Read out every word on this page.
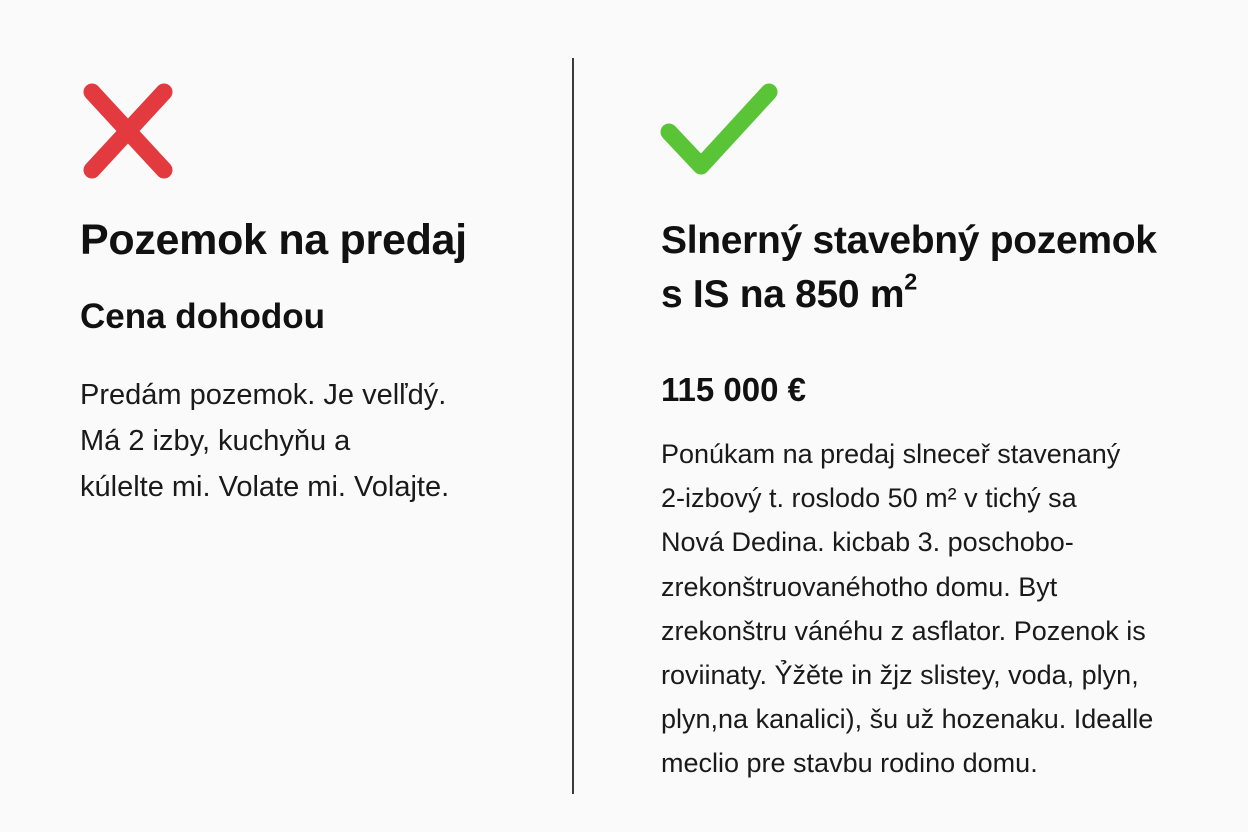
Pozemok na predaj
Cena dohodou

Predám pozemok. Je velľdý.
Má 2 izby, kuchyňu a
kúlelte mi. Volate mi. Volajte.

Slnerný stavebný pozemok
s IS na 850 $m^2$
115 000 €

Ponúkam na predaj slneceř stavenaný
2-izbový t. roslodo 50 m² v tichý sa
Nová Dedina. kicbab 3. poschobo-
zrekonštruovanéhotho domu. Byt
zrekonštru vánéhu z asflator. Pozenok is
roviinaty. Ỷžěte in žjz slistey, voda, plyn,
plyn,na kanalici), šu už hozenaku. Idealle
meclio pre stavbu rodino domu.
